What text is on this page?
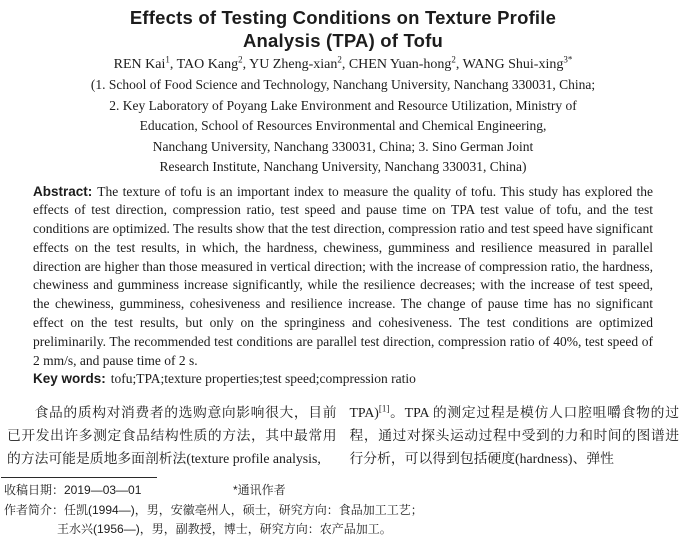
Effects of Testing Conditions on Texture Profile
Analysis (TPA) of Tofu
REN Kai$^1$, TAO Kang$^2$, YU Zheng-xian$^2$, CHEN Yuan-hong$^2$, WANG Shui-xing$^{3*}$
(1. School of Food Science and Technology, Nanchang University, Nanchang 330031, China;
2. Key Laboratory of Poyang Lake Environment and Resource Utilization, Ministry of
Education, School of Resources Environmental and Chemical Engineering,
Nanchang University, Nanchang 330031, China; 3. Sino German Joint
Research Institute, Nanchang University, Nanchang 330031, China)
Abstract: The texture of tofu is an important index to measure the quality of tofu. This study has explored the effects of test direction, compression ratio, test speed and pause time on TPA test value of tofu, and the test conditions are optimized. The results show that the test direction, compression ratio and test speed have significant effects on the test results, in which, the hardness, chewiness, gumminess and resilience measured in parallel direction are higher than those measured in vertical direction; with the increase of compression ratio, the hardness, chewiness and gumminess increase significantly, while the resilience decreases; with the increase of test speed, the chewiness, gumminess, cohesiveness and resilience increase. The change of pause time has no significant effect on the test results, but only on the springiness and cohesiveness. The test conditions are optimized preliminarily. The recommended test conditions are parallel test direction, compression ratio of 40%, test speed of 2 mm/s, and pause time of 2 s.
Key words: tofu;TPA;texture properties;test speed;compression ratio
食品的质构对消费者的选购意向影响很大，目前已开发出许多测定食品结构性质的方法，其中最常用的方法可能是质地多面剖析法(texture profile analysis,
TPA)[1]。TPA 的测定过程是模仿人口腔咀嚼食物的过程，通过对探头运动过程中受到的力和时间的图谱进行分析，可以得到包括硬度(hardness)、弹性
收稿日期：2019—03—01	*通讯作者
作者简介：任凯(1994—)，男，安徽亳州人，硕士，研究方向：食品加工工艺；
王水兴(1956—)，男，副教授，博士，研究方向：农产品加工。
